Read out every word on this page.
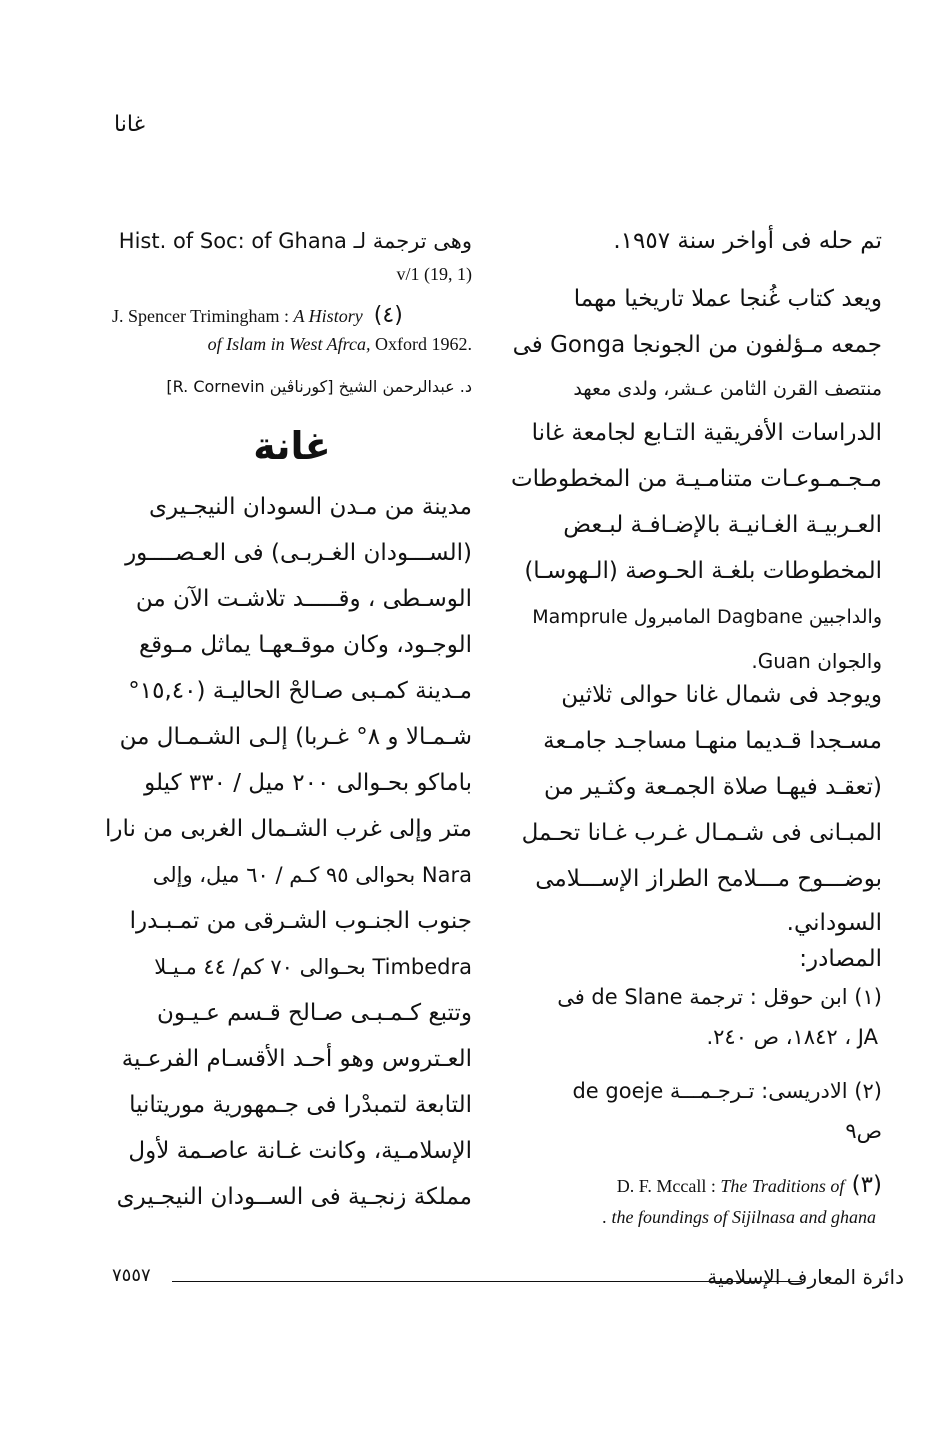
غانا
تم حله فى أواخر سنة ١٩٥٧.
ويعد كتاب غُنجا عملا تاريخيا مهما
جمعه مـؤلفون من الجونجا Gonga فى
منتصف القرن الثامن عـشر، ولدى معهد
الدراسات الأفريقية التـابع لجامعة غانا
مـجـمـوعـات متنامـيـة من المخطوطات
العـربيـة الغـانيـة بالإضـافـة لبـعض
المخطوطات بلغـة الحـوصة (الـهوسـا)
والداجبين Dagbane المامبرول Mamprule
والجوان Guan.
ويوجد فى شمال غانا حوالى ثلاثين
مسـجدا قـديما منهـا مساجـد جامـعة
(تعقـد فيهـا صلاة الجمـعة وكثـير من
المبـانى فى شـمـال غـرب غـانا تحـمل
بوضـــوح مـــلامح الطراز الإســـلامى
السوداني.
المصادر:
(١) ابن حوقل : ترجمة de Slane فى
JA ، ١٨٤٢، ص ٢٤٠.
(٢) الادريسى: تـرجـمـــة de goeje
ص٩
(٣) D. F. Mccall : The Traditions of
the foundings of Sijilnasa and ghana .
وهى ترجمة لـ Hist. of Soc: of Ghana
v/1 (19, 1)
J. Spencer Trimingham : A History (٤)
of Islam in West Afrca, Oxford 1962.
د. عبدالرحمن الشيخ [كورناڤين R. Cornevin]
غانة
مدينة من مـدن السودان النيجـيرى
(الســـودان الغـربـى) فى العـصــــور
الوسـطى ، وقـــــد تلاشـت الآن من
الوجـود، وكان موقـعهـا يماثل مـوقع
مـدينة كمـبى صـالحْ الحاليـة (١٥,٤٠°
شـمـالا و ٨° غـربا) إلـى الشـمـال من
باماكو بحـوالى ٢٠٠ ميل / ٣٣٠ كيلو
متر وإلى غرب الشـمال الغربى من نارا
Nara بحوالى ٩٥ كـم / ٦٠ ميل، وإلى
جنوب الجنـوب الشـرقى من تمـبـدرا
Timbedra بحـوالى ٧٠ كم/ ٤٤ مـيـلا
وتتبع كـمـبـى صـالح قـسم عـيـون
العـتروس وهو أحـد الأقسـام الفرعـية
التابعة لتمبدْرا فى جـمهورية موريتانيا
الإسلامـية، وكانت غـانة عاصـمة لأول
مملكة زنجـية فى الســودان النيجـيرى
٧٥٥٧	دائرة المعارف الإسلامية
